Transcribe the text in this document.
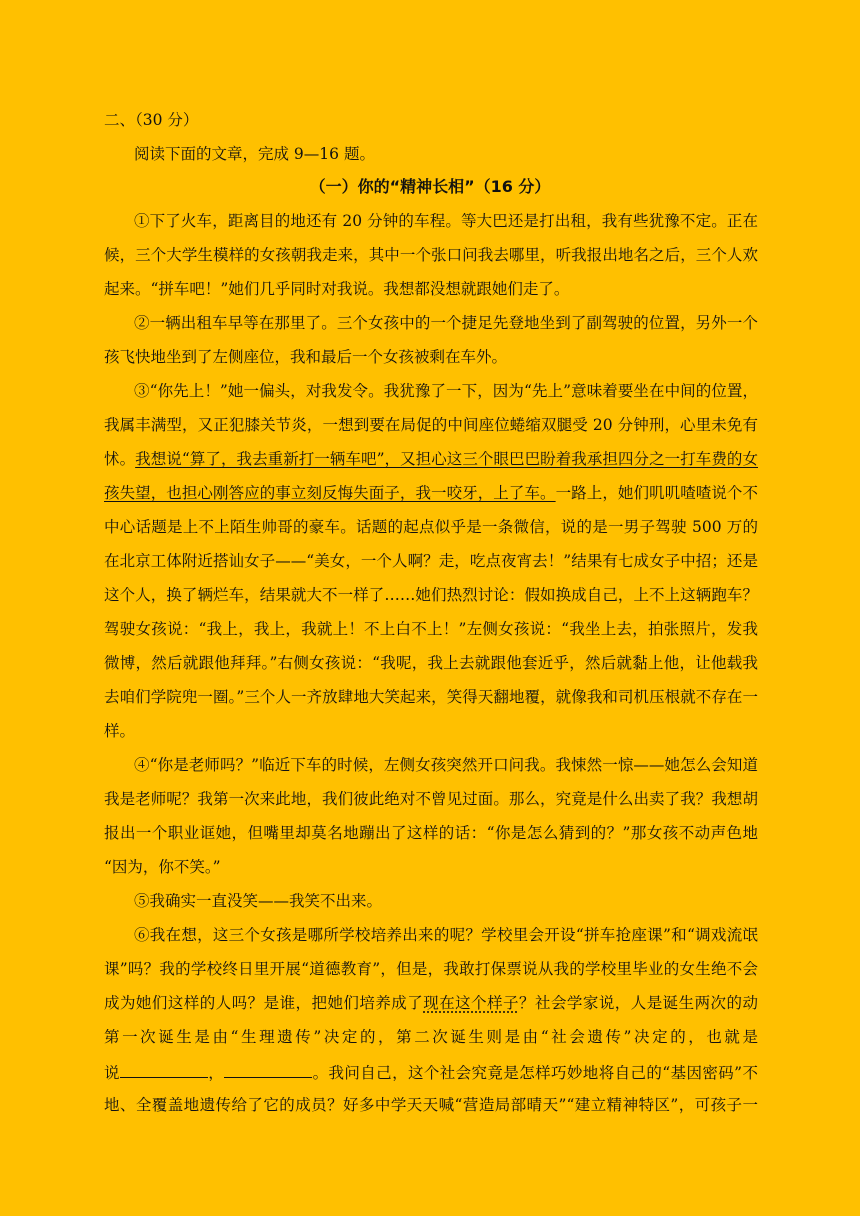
二、（30 分）
阅读下面的文章，完成 9—16 题。
（一）你的“精神长相”（16 分）
①下了火车，距离目的地还有 20 分钟的车程。等大巴还是打出租，我有些犹豫不定。正在
候，三个大学生模样的女孩朝我走来，其中一个张口问我去哪里，听我报出地名之后，三个人欢
起来。“拼车吧！”她们几乎同时对我说。我想都没想就跟她们走了。
②一辆出租车早等在那里了。三个女孩中的一个捷足先登地坐到了副驾驶的位置，另外一个
孩飞快地坐到了左侧座位，我和最后一个女孩被剩在车外。
③“你先上！”她一偏头，对我发令。我犹豫了一下，因为“先上”意味着要坐在中间的位置，
我属丰满型，又正犯膝关节炎，一想到要在局促的中间座位蜷缩双腿受 20 分钟刑，心里未免有
怵。我想说“算了，我去重新打一辆车吧”，又担心这三个眼巴巴盼着我承担四分之一打车费的女
孩失望，也担心刚答应的事立刻反悔失面子，我一咬牙，上了车。一路上，她们叽叽喳喳说个不
中心话题是上不上陌生帅哥的豪车。话题的起点似乎是一条微信，说的是一男子驾驶 500 万的
在北京工体附近搭讪女子——“美女，一个人啊？走，吃点夜宵去！”结果有七成女子中招；还是
这个人，换了辆烂车，结果就大不一样了……她们热烈讨论：假如换成自己，上不上这辆跑车？
驾驶女孩说：“我上，我上，我就上！不上白不上！”左侧女孩说：“我坐上去，拍张照片，发我
微博，然后就跟他拜拜。”右侧女孩说：“我呢，我上去就跟他套近乎，然后就黏上他，让他载我
去咱们学院兜一圈。”三个人一齐放肆地大笑起来，笑得天翻地覆，就像我和司机压根就不存在一
样。
④“你是老师吗？”临近下车的时候，左侧女孩突然开口问我。我悚然一惊——她怎么会知道
我是老师呢？我第一次来此地，我们彼此绝对不曾见过面。那么，究竟是什么出卖了我？我想胡
报出一个职业诓她，但嘴里却莫名地蹦出了这样的话：“你是怎么猜到的？”那女孩不动声色地
“因为，你不笑。”
⑤我确实一直没笑——我笑不出来。
⑥我在想，这三个女孩是哪所学校培养出来的呢？学校里会开设“拼车抢座课”和“调戏流氓
课”吗？我的学校终日里开展“道德教育”，但是，我敢打保票说从我的学校里毕业的女生绝不会
成为她们这样的人吗？是谁，把她们培养成了现在这个样子？社会学家说，人是诞生两次的动
第一次诞生是由“生理遗传”决定的，第二次诞生则是由“社会遗传”决定的，也就是
说	，	。我问自己，这个社会究竟是怎样巧妙地将自己的“基因密码”不
地、全覆盖地遗传给了它的成员？好多中学天天喊“营造局部晴天”“建立精神特区”，可孩子一
